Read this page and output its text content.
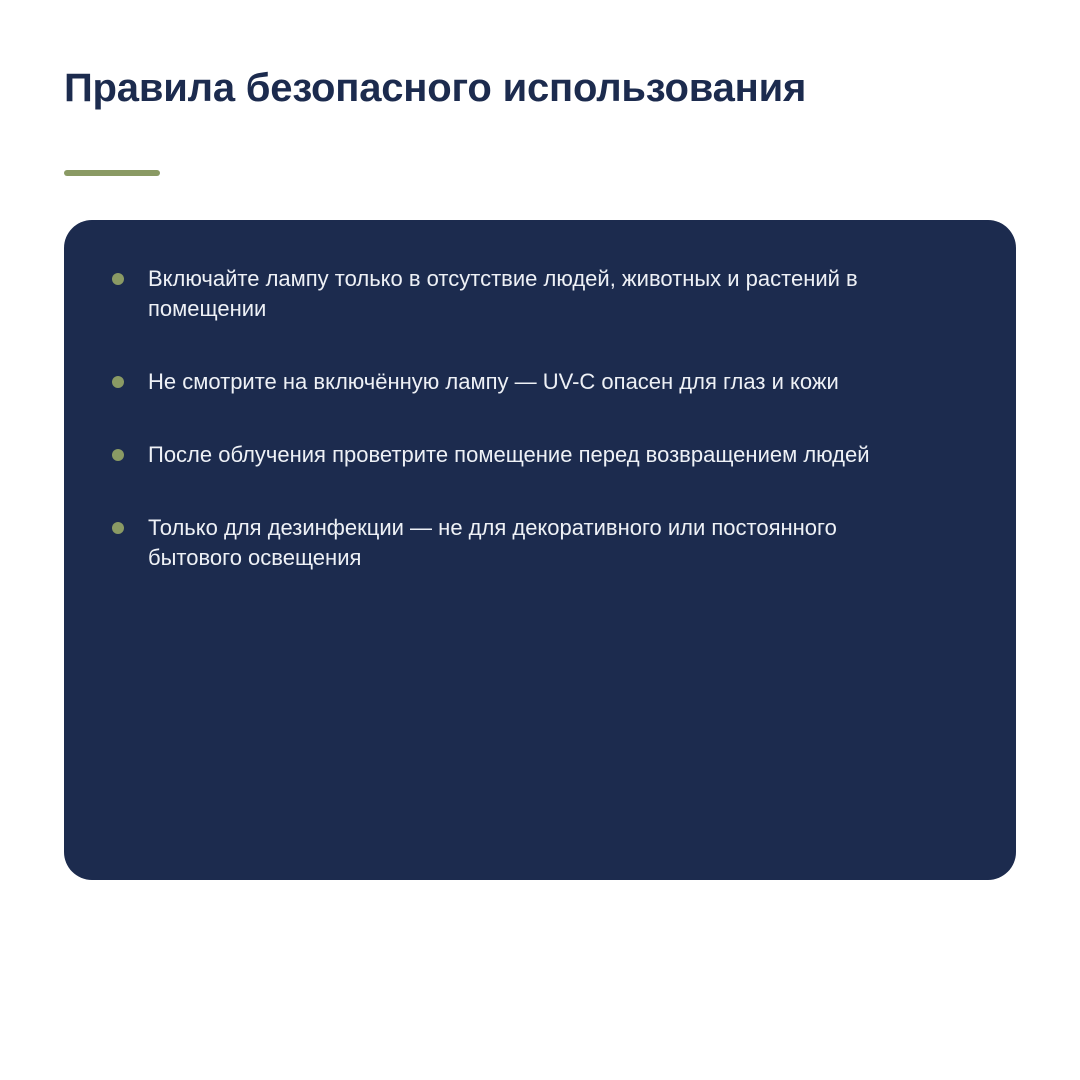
Правила безопасного использования
Включайте лампу только в отсутствие людей, животных и растений в помещении
Не смотрите на включённую лампу — UV-C опасен для глаз и кожи
После облучения проветрите помещение перед возвращением людей
Только для дезинфекции — не для декоративного или постоянного бытового освещения
